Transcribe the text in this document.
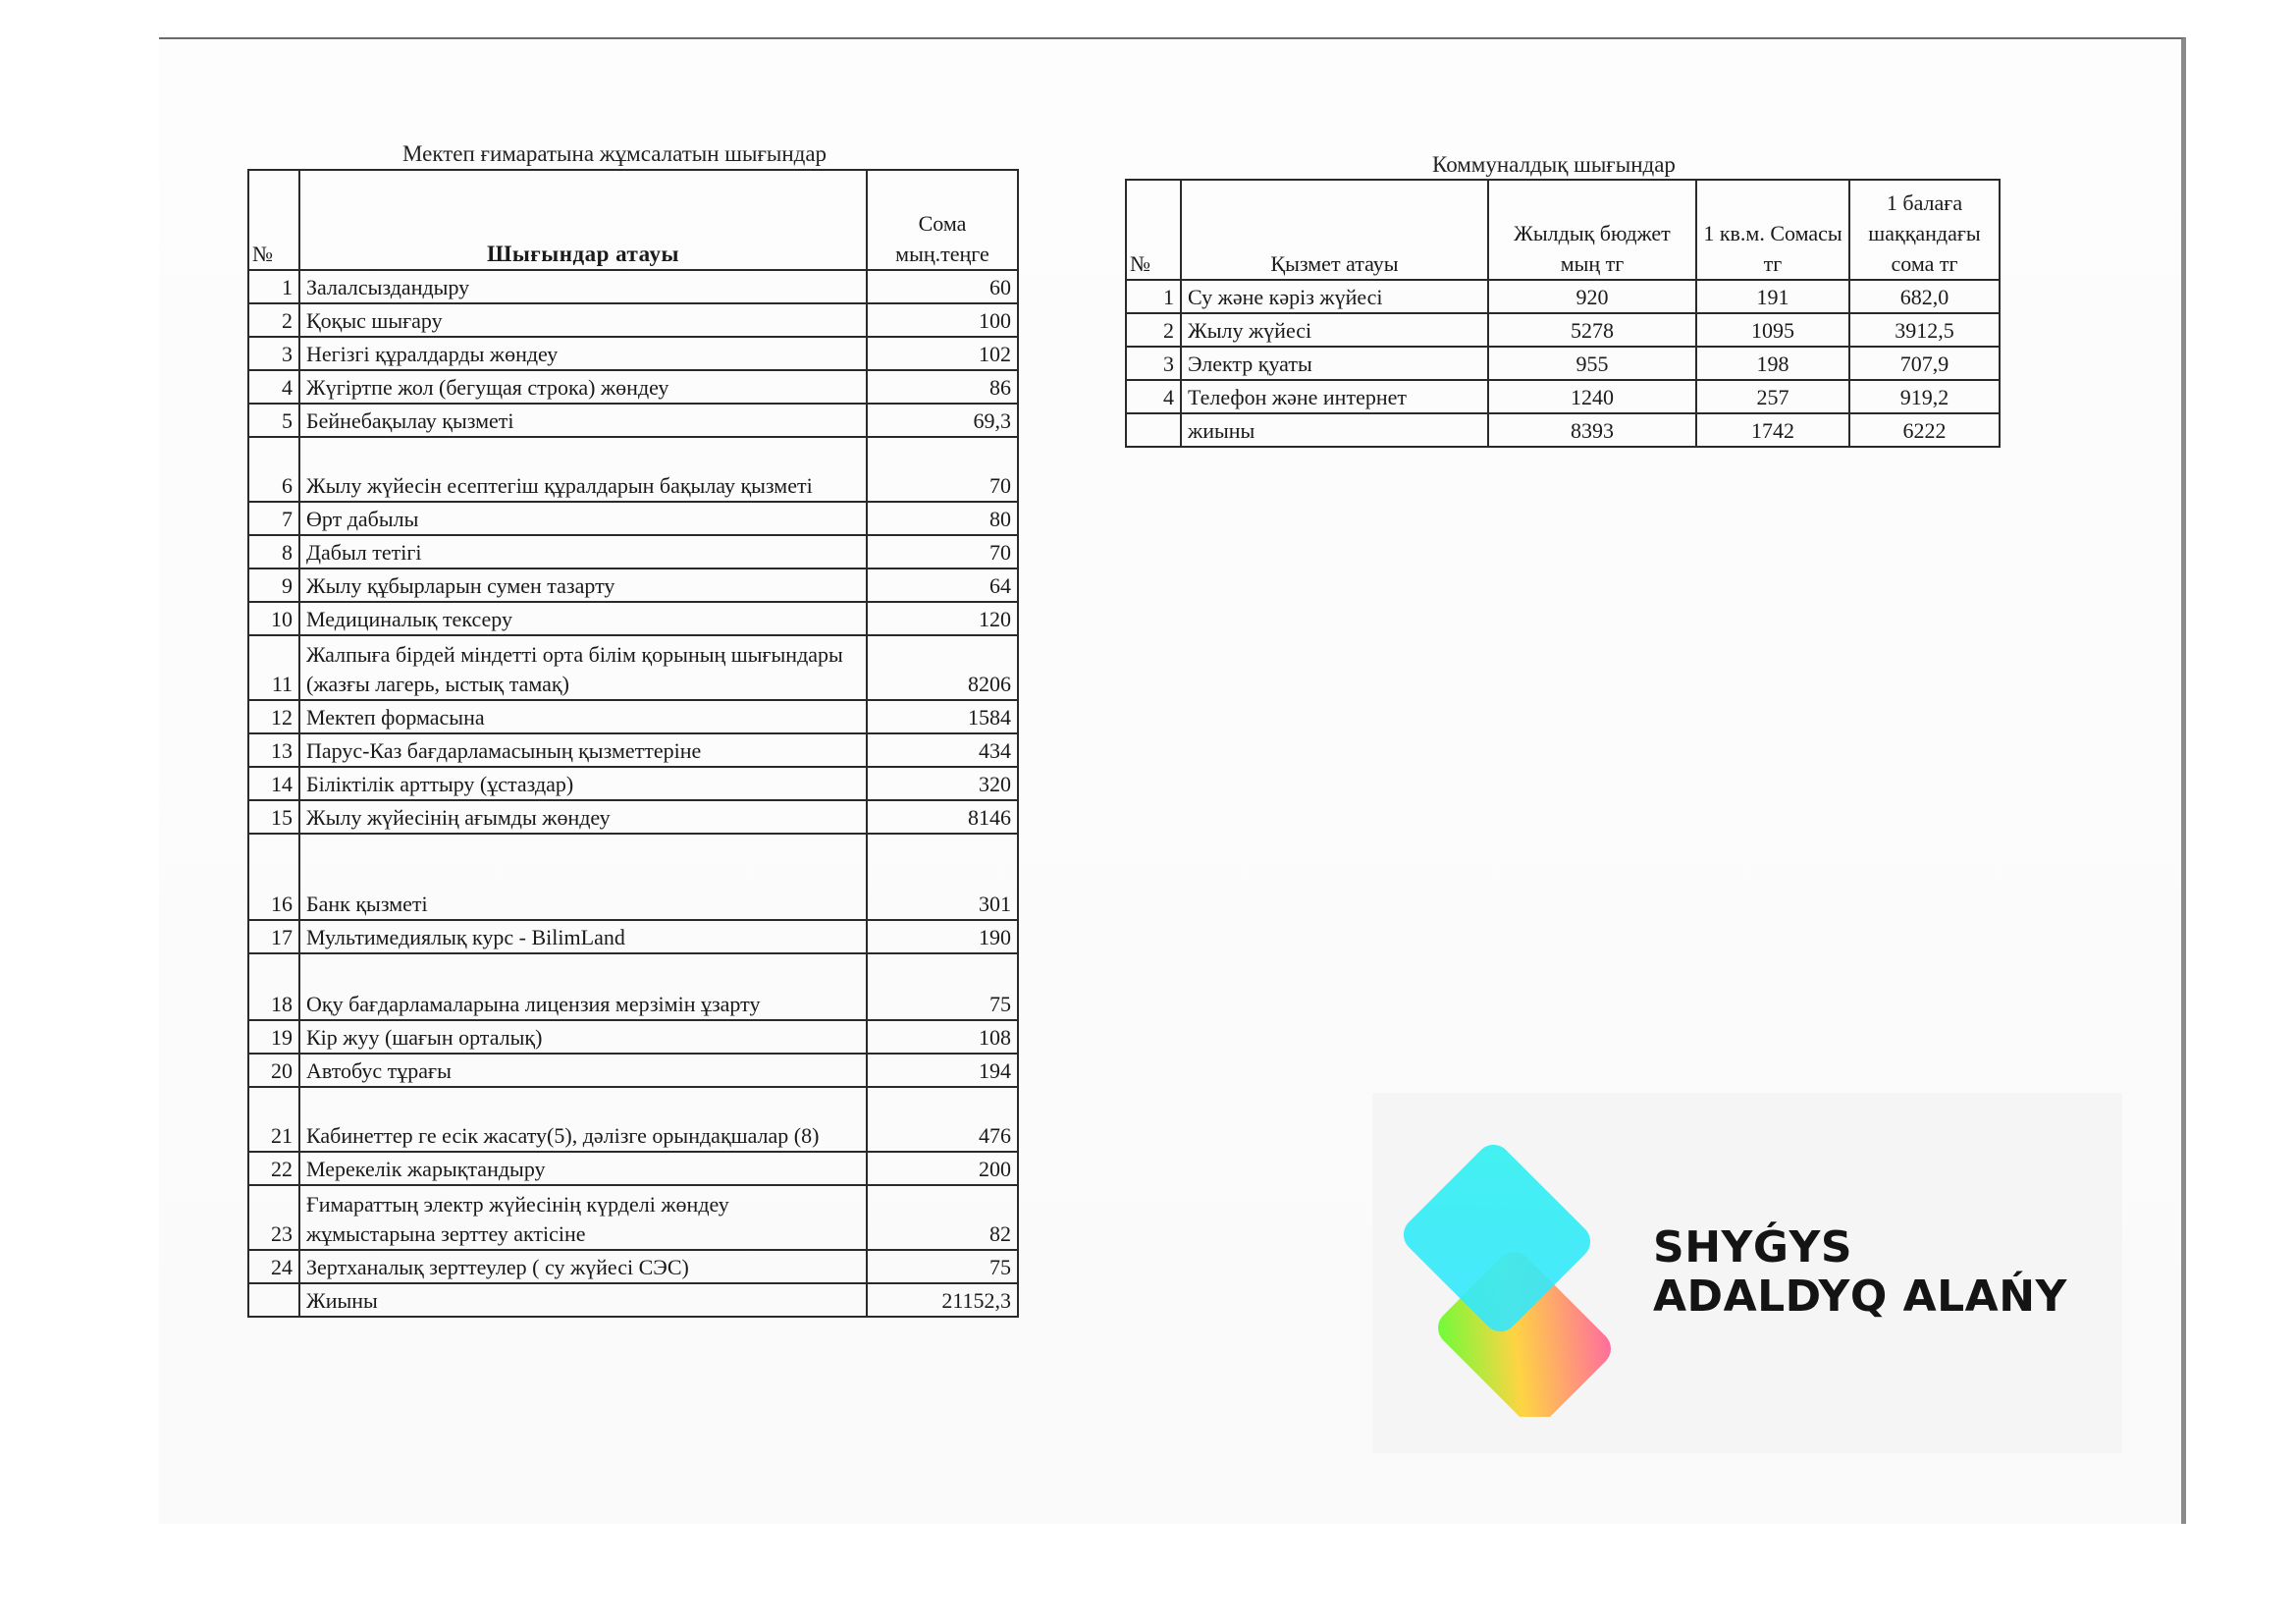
Мектеп ғимаратына жұмсалатын шығындар
№	Шығындар атауы	Сома мың.теңге
1	Залалсыздандыру	60
2	Қоқыс шығару	100
3	Негізгі құралдарды жөндеу	102
4	Жүгіртпе жол (бегущая строка) жөндеу	86
5	Бейнебақылау қызметі	69,3
6	Жылу жүйесін есептегіш құралдарын бақылау қызметі	70
7	Өрт дабылы	80
8	Дабыл тетігі	70
9	Жылу құбырларын сумен тазарту	64
10	Медициналық тексеру	120
11	Жалпыға бірдей міндетті орта білім қорының шығындары (жазғы лагерь, ыстық тамақ)	8206
12	Мектеп формасына	1584
13	Парус-Каз бағдарламасының қызметтеріне	434
14	Біліктілік арттыру (ұстаздар)	320
15	Жылу жүйесінің ағымды жөндеу	8146
16	Банк қызметі	301
17	Мультимедиялық курс - BilimLand	190
18	Оқу бағдарламаларына лицензия мерзімін ұзарту	75
19	Кір жуу (шағын орталық)	108
20	Автобус тұрағы	194
21	Кабинеттер ге есік жасату(5), дәлізге орындақшалар (8)	476
22	Мерекелік жарықтандыру	200
23	Ғимараттың электр жүйесінің күрделі жөндеу жұмыстарына зерттеу актісіне	82
24	Зертханалық зерттеулер ( су жүйесі СЭС)	75
	Жиыны	21152,3
Коммуналдық шығындар
№	Қызмет атауы	Жылдық бюджет мың тг	1 кв.м. Сомасы тг	1 балаға шаққандағы сома тг
1	Су және кәріз жүйесі	920	191	682,0
2	Жылу жүйесі	5278	1095	3912,5
3	Электр қуаты	955	198	707,9
4	Телефон және интернет	1240	257	919,2
	жиыны	8393	1742	6222
SHYǴYS
ADALDYQ ALAŃY
